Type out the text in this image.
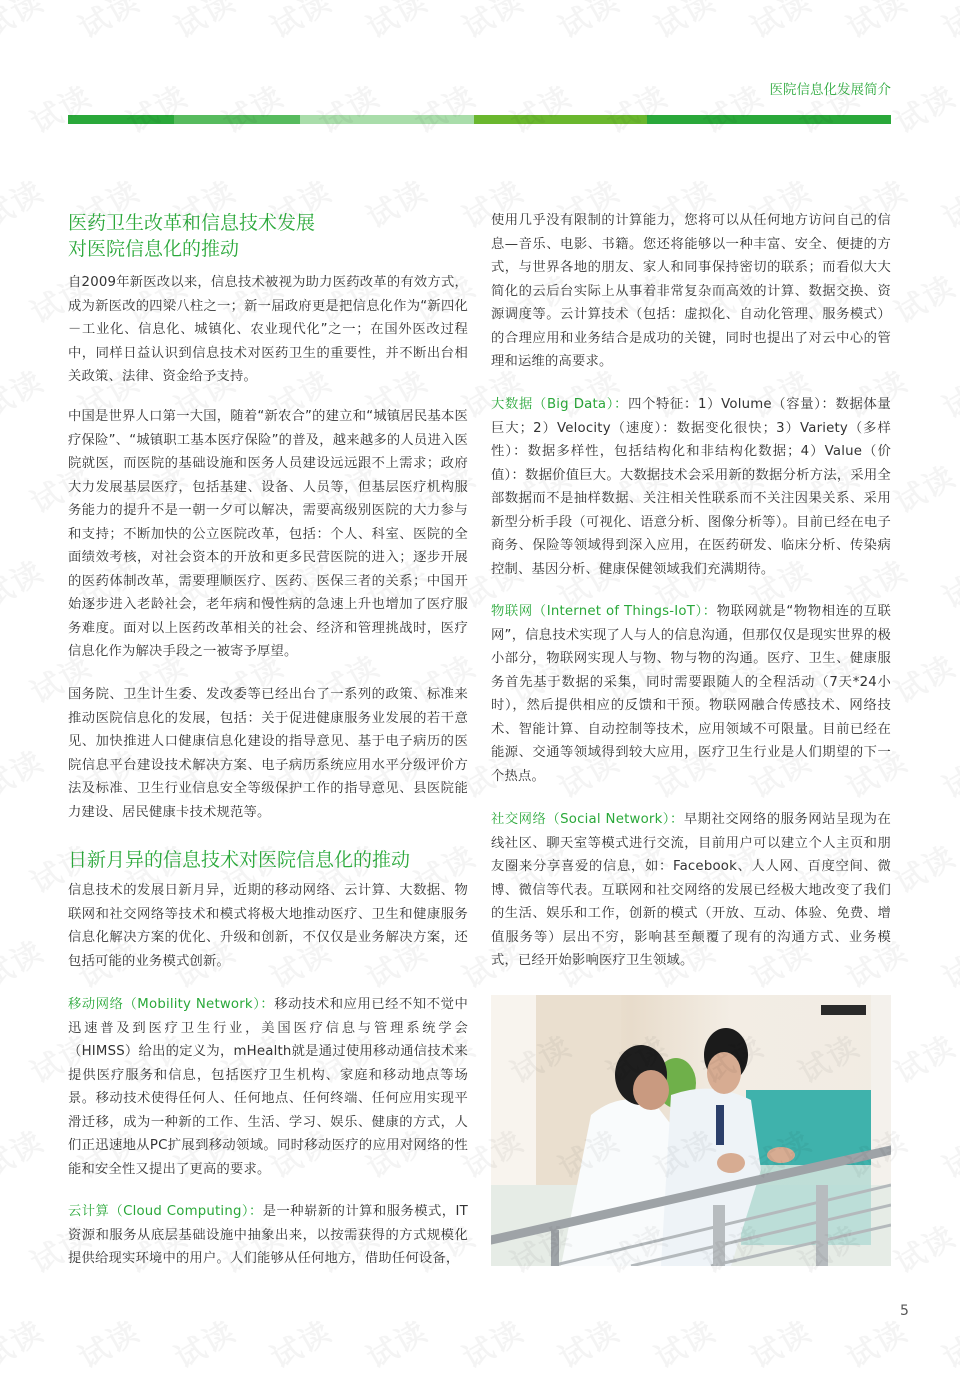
医院信息化发展简介
医药卫生改革和信息技术发展
对医院信息化的推动

自2009年新医改以来，信息技术被视为助力医药改革的有效方式，成为新医改的四梁八柱之一；新一届政府更是把信息化作为“新四化－工业化、信息化、城镇化、农业现代化”之一；在国外医改过程中，同样日益认识到信息技术对医药卫生的重要性，并不断出台相关政策、法律、资金给予支持。

中国是世界人口第一大国，随着“新农合”的建立和“城镇居民基本医疗保险”、“城镇职工基本医疗保险”的普及，越来越多的人员进入医院就医，而医院的基础设施和医务人员建设远远跟不上需求；政府大力发展基层医疗，包括基建、设备、人员等，但基层医疗机构服务能力的提升不是一朝一夕可以解决，需要高级别医院的大力参与和支持；不断加快的公立医院改革，包括：个人、科室、医院的全面绩效考核，对社会资本的开放和更多民营医院的进入；逐步开展的医药体制改革，需要理顺医疗、医药、医保三者的关系；中国开始逐步进入老龄社会，老年病和慢性病的急速上升也增加了医疗服务难度。面对以上医药改革相关的社会、经济和管理挑战时，医疗信息化作为解决手段之一被寄予厚望。

国务院、卫生计生委、发改委等已经出台了一系列的政策、标准来推动医院信息化的发展，包括：关于促进健康服务业发展的若干意见、加快推进人口健康信息化建设的指导意见、基于电子病历的医院信息平台建设技术解决方案、电子病历系统应用水平分级评价方法及标准、卫生行业信息安全等级保护工作的指导意见、县医院能力建设、居民健康卡技术规范等。

日新月异的信息技术对医院信息化的推动

信息技术的发展日新月异，近期的移动网络、云计算、大数据、物联网和社交网络等技术和模式将极大地推动医疗、卫生和健康服务信息化解决方案的优化、升级和创新，不仅仅是业务解决方案，还包括可能的业务模式创新。

移动网络（Mobility Network）：移动技术和应用已经不知不觉中迅速普及到医疗卫生行业，美国医疗信息与管理系统学会（HIMSS）给出的定义为，mHealth就是通过使用移动通信技术来提供医疗服务和信息，包括医疗卫生机构、家庭和移动地点等场景。移动技术使得任何人、任何地点、任何终端、任何应用实现平滑迁移，成为一种新的工作、生活、学习、娱乐、健康的方式，人们正迅速地从PC扩展到移动领域。同时移动医疗的应用对网络的性能和安全性又提出了更高的要求。

云计算（Cloud Computing）：是一种崭新的计算和服务模式，IT资源和服务从底层基础设施中抽象出来，以按需获得的方式规模化提供给现实环境中的用户。人们能够从任何地方，借助任何设备，

使用几乎没有限制的计算能力，您将可以从任何地方访问自己的信息—音乐、电影、书籍。您还将能够以一种丰富、安全、便捷的方式，与世界各地的朋友、家人和同事保持密切的联系；而看似大大简化的云后台实际上从事着非常复杂而高效的计算、数据交换、资源调度等。云计算技术（包括：虚拟化、自动化管理、服务模式）的合理应用和业务结合是成功的关键，同时也提出了对云中心的管理和运维的高要求。

大数据（Big Data）：四个特征：1）Volume（容量）：数据体量巨大；2）Velocity（速度）：数据变化很快；3）Variety（多样性）：数据多样性，包括结构化和非结构化数据；4）Value（价值）：数据价值巨大。大数据技术会采用新的数据分析方法，采用全部数据而不是抽样数据、关注相关性联系而不关注因果关系、采用新型分析手段（可视化、语意分析、图像分析等）。目前已经在电子商务、保险等领域得到深入应用，在医药研发、临床分析、传染病控制、基因分析、健康保健领域我们充满期待。

物联网（Internet of Things-IoT）：物联网就是“物物相连的互联网”，信息技术实现了人与人的信息沟通，但那仅仅是现实世界的极小部分，物联网实现人与物、物与物的沟通。医疗、卫生、健康服务首先基于数据的采集，同时需要跟随人的全程活动（7天*24小时），然后提供相应的反馈和干预。物联网融合传感技术、网络技术、智能计算、自动控制等技术，应用领域不可限量。目前已经在能源、交通等领域得到较大应用，医疗卫生行业是人们期望的下一个热点。

社交网络（Social Network）：早期社交网络的服务网站呈现为在线社区、聊天室等模式进行交流，目前用户可以建立个人主页和朋友圈来分享喜爱的信息，如：Facebook、人人网、百度空间、微博、微信等代表。互联网和社交网络的发展已经极大地改变了我们的生活、娱乐和工作，创新的模式（开放、互动、体验、免费、增值服务等）层出不穷，影响甚至颠覆了现有的沟通方式、业务模式，已经开始影响医疗卫生领域。

5
